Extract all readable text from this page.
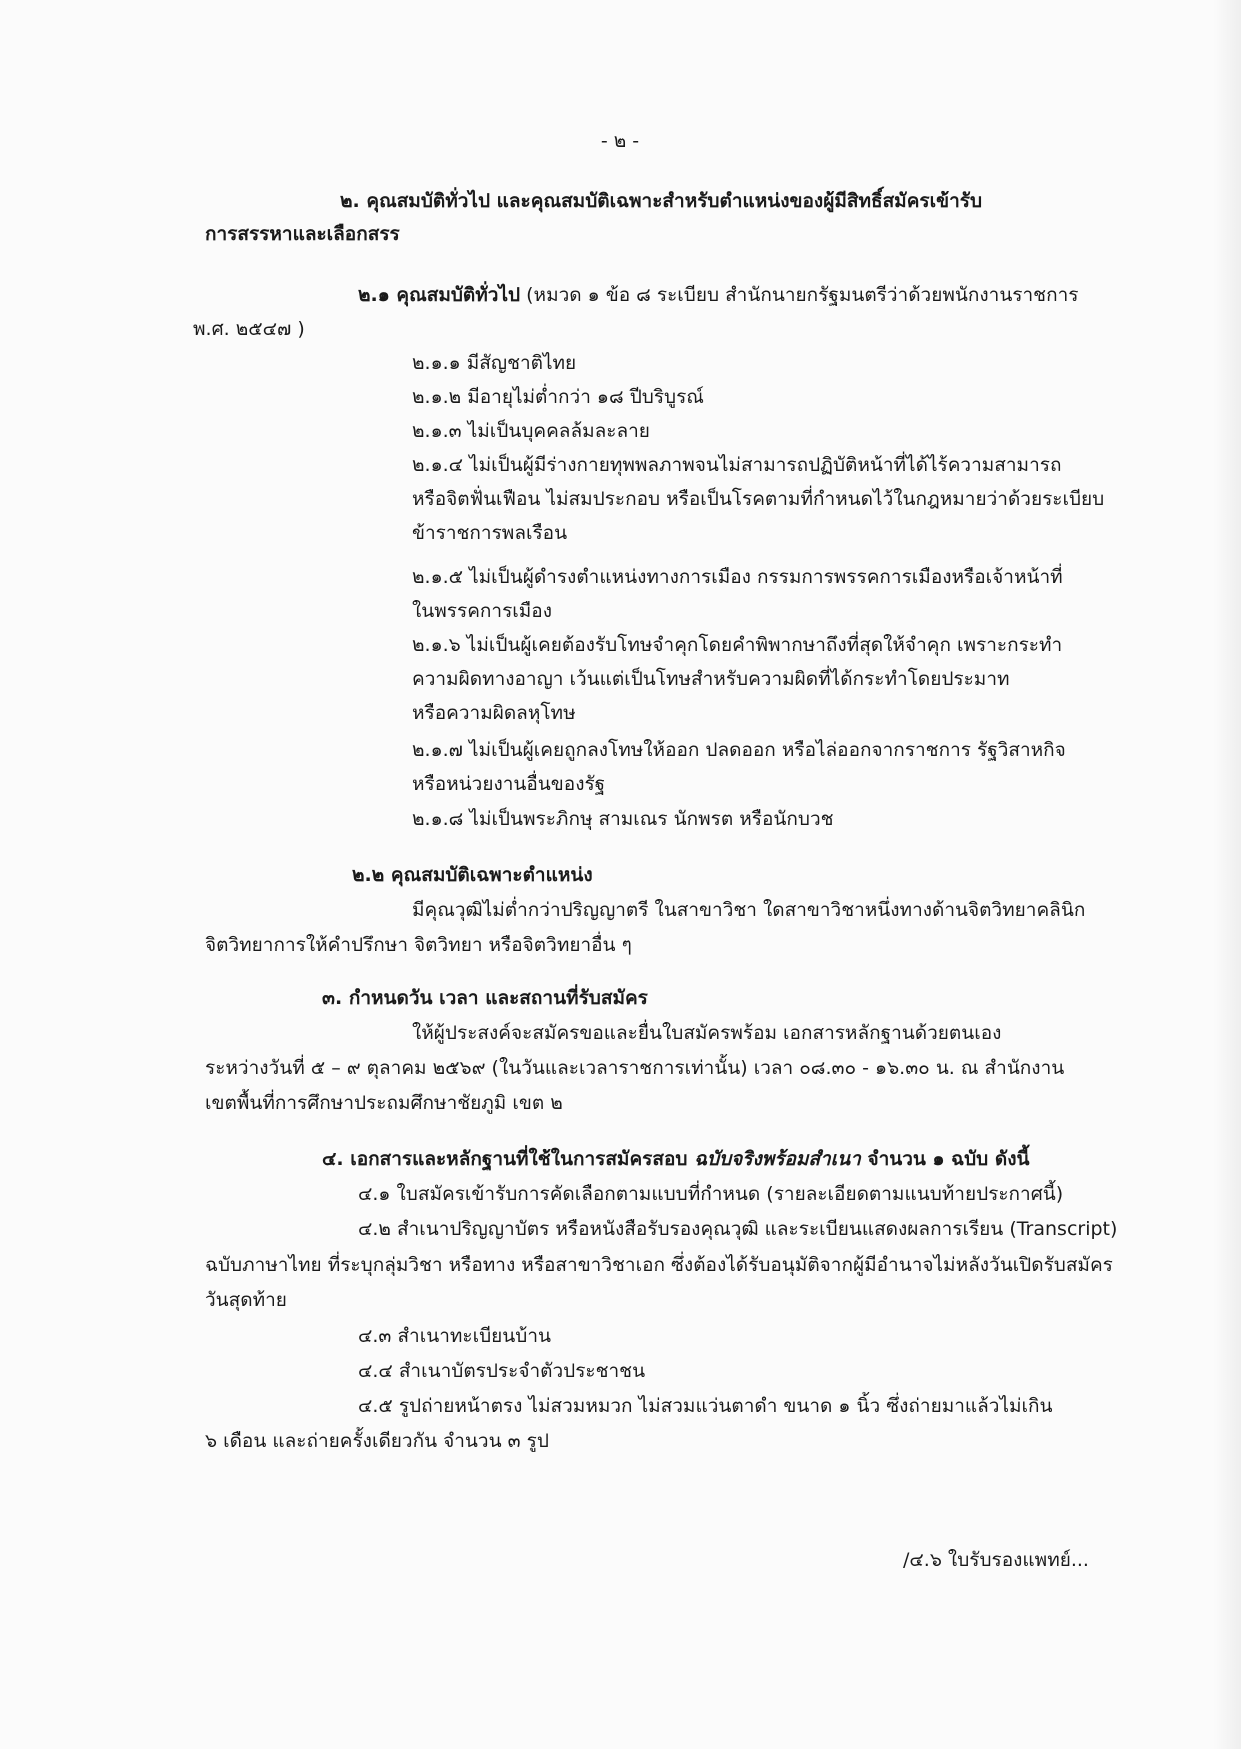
- ๒ -

๒. คุณสมบัติทั่วไป และคุณสมบัติเฉพาะสำหรับตำแหน่งของผู้มีสิทธิ์สมัครเข้ารับ

การสรรหาและเลือกสรร

๒.๑ คุณสมบัติทั่วไป (หมวด ๑ ข้อ ๘ ระเบียบ สำนักนายกรัฐมนตรีว่าด้วยพนักงานราชการ

พ.ศ. ๒๕๔๗ )

๒.๑.๑ มีสัญชาติไทย

๒.๑.๒ มีอายุไม่ต่ำกว่า ๑๘ ปีบริบูรณ์

๒.๑.๓ ไม่เป็นบุคคลล้มละลาย

๒.๑.๔ ไม่เป็นผู้มีร่างกายทุพพลภาพจนไม่สามารถปฏิบัติหน้าที่ได้ไร้ความสามารถ

หรือจิตฟั่นเฟือน ไม่สมประกอบ หรือเป็นโรคตามที่กำหนดไว้ในกฎหมายว่าด้วยระเบียบ

ข้าราชการพลเรือน

๒.๑.๕ ไม่เป็นผู้ดำรงตำแหน่งทางการเมือง กรรมการพรรคการเมืองหรือเจ้าหน้าที่

ในพรรคการเมือง

๒.๑.๖ ไม่เป็นผู้เคยต้องรับโทษจำคุกโดยคำพิพากษาถึงที่สุดให้จำคุก เพราะกระทำ

ความผิดทางอาญา เว้นแต่เป็นโทษสำหรับความผิดที่ได้กระทำโดยประมาท

หรือความผิดลหุโทษ

๒.๑.๗ ไม่เป็นผู้เคยถูกลงโทษให้ออก ปลดออก หรือไล่ออกจากราชการ รัฐวิสาหกิจ

หรือหน่วยงานอื่นของรัฐ

๒.๑.๘ ไม่เป็นพระภิกษุ สามเณร นักพรต หรือนักบวช

๒.๒ คุณสมบัติเฉพาะตำแหน่ง

มีคุณวุฒิไม่ต่ำกว่าปริญญาตรี ในสาขาวิชา ใดสาขาวิชาหนึ่งทางด้านจิตวิทยาคลินิก

จิตวิทยาการให้คำปรึกษา จิตวิทยา หรือจิตวิทยาอื่น ๆ

๓. กำหนดวัน เวลา และสถานที่รับสมัคร

ให้ผู้ประสงค์จะสมัครขอและยื่นใบสมัครพร้อม เอกสารหลักฐานด้วยตนเอง

ระหว่างวันที่ ๕ – ๙ ตุลาคม ๒๕๖๙ (ในวันและเวลาราชการเท่านั้น) เวลา ๐๘.๓๐ - ๑๖.๓๐ น. ณ สำนักงาน

เขตพื้นที่การศึกษาประถมศึกษาชัยภูมิ เขต ๒

๔. เอกสารและหลักฐานที่ใช้ในการสมัครสอบ ฉบับจริงพร้อมสำเนา จำนวน ๑ ฉบับ ดังนี้

๔.๑ ใบสมัครเข้ารับการคัดเลือกตามแบบที่กำหนด (รายละเอียดตามแนบท้ายประกาศนี้)

๔.๒ สำเนาปริญญาบัตร หรือหนังสือรับรองคุณวุฒิ และระเบียนแสดงผลการเรียน (Transcript)

ฉบับภาษาไทย ที่ระบุกลุ่มวิชา หรือทาง หรือสาขาวิชาเอก ซึ่งต้องได้รับอนุมัติจากผู้มีอำนาจไม่หลังวันเปิดรับสมัคร

วันสุดท้าย

๔.๓ สำเนาทะเบียนบ้าน

๔.๔ สำเนาบัตรประจำตัวประชาชน

๔.๕ รูปถ่ายหน้าตรง ไม่สวมหมวก ไม่สวมแว่นตาดำ ขนาด ๑ นิ้ว ซึ่งถ่ายมาแล้วไม่เกิน

๖ เดือน และถ่ายครั้งเดียวกัน จำนวน ๓ รูป

/๔.๖ ใบรับรองแพทย์...
